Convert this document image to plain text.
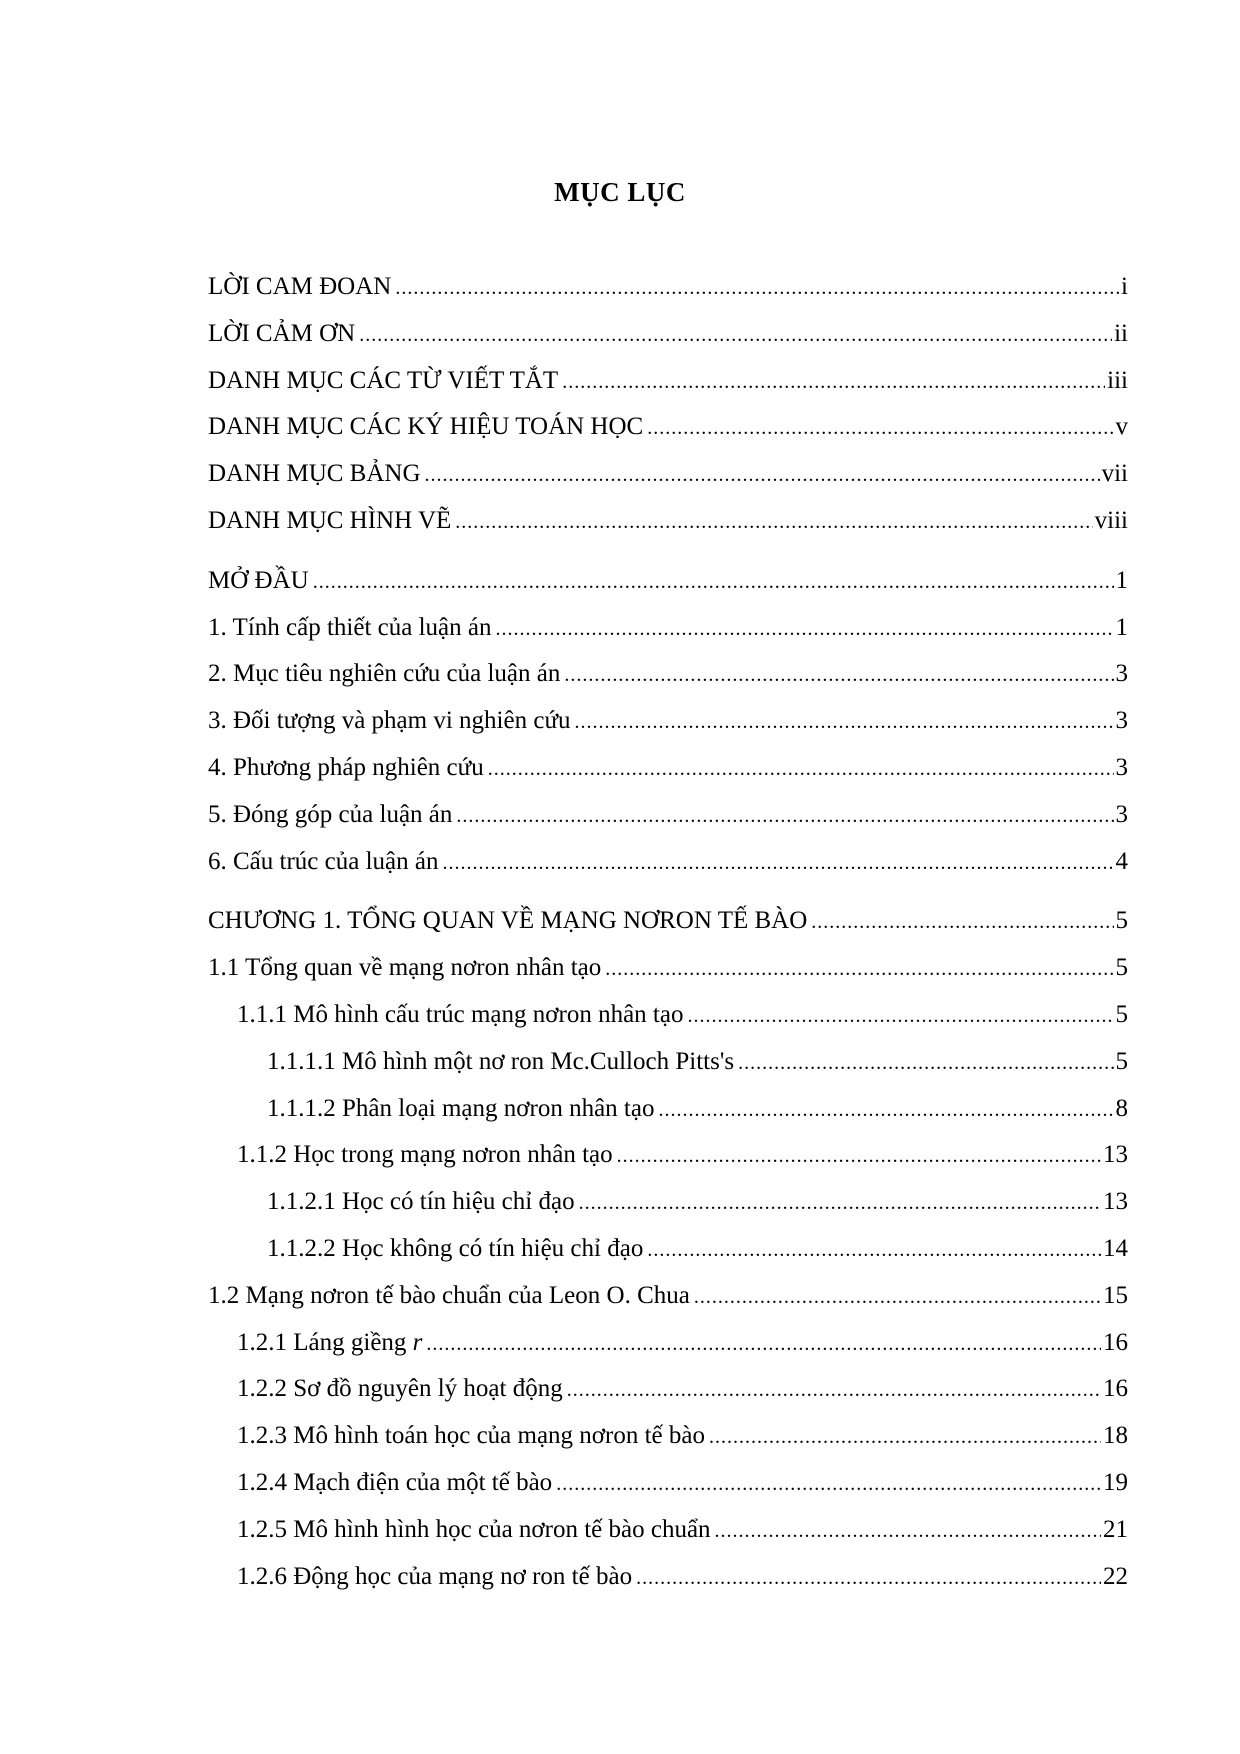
MỤC LỤC
LỜI CAM ĐOAN .....	i
LỜI CẢM ƠN .....	ii
DANH MỤC CÁC TỪ VIẾT TẮT .....	iii
DANH MỤC CÁC KÝ HIỆU TOÁN HỌC .....	v
DANH MỤC BẢNG .....	vii
DANH MỤC HÌNH VẼ .....	viii
MỞ ĐẦU .....	1
1. Tính cấp thiết của luận án .....	1
2. Mục tiêu nghiên cứu của luận án .....	3
3. Đối tượng và phạm vi nghiên cứu .....	3
4. Phương pháp nghiên cứu .....	3
5. Đóng góp của luận án .....	3
6. Cấu trúc của luận án .....	4
CHƯƠNG 1. TỔNG QUAN VỀ MẠNG NƠRON TẾ BÀO .....	5
1.1 Tổng quan về mạng nơron nhân tạo .....	5
1.1.1 Mô hình cấu trúc mạng nơron nhân tạo .....	5
1.1.1.1 Mô hình một nơ ron Mc.Culloch Pitts's .....	5
1.1.1.2 Phân loại mạng nơron nhân tạo .....	8
1.1.2 Học trong mạng nơron nhân tạo .....	13
1.1.2.1 Học có tín hiệu chỉ đạo .....	13
1.1.2.2 Học không có tín hiệu chỉ đạo .....	14
1.2 Mạng nơron tế bào chuẩn của Leon O. Chua .....	15
1.2.1 Láng giềng r .....	16
1.2.2 Sơ đồ nguyên lý hoạt động .....	16
1.2.3 Mô hình toán học của mạng nơron tế bào .....	18
1.2.4 Mạch điện của một tế bào .....	19
1.2.5 Mô hình hình học của nơron tế bào chuẩn .....	21
1.2.6 Động học của mạng nơ ron tế bào .....	22
